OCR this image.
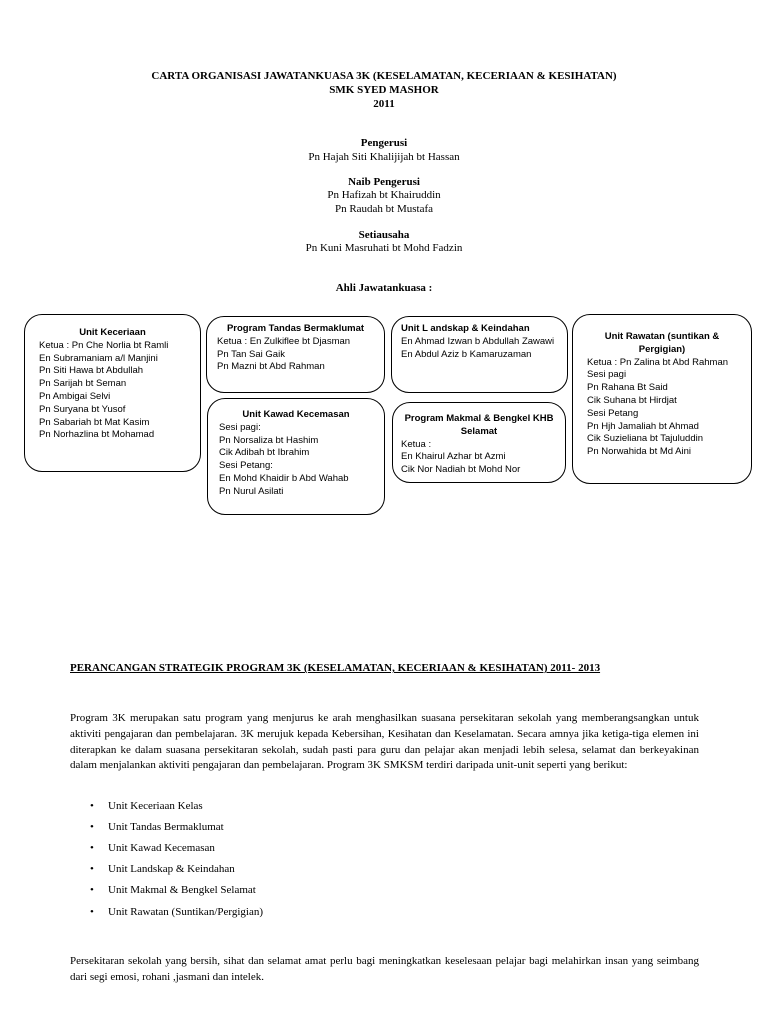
CARTA ORGANISASI JAWATANKUASA 3K (KESELAMATAN, KECERIAAN & KESIHATAN)
SMK SYED MASHOR
2011
Pengerusi
Pn Hajah Siti Khalijijah bt Hassan
Naib Pengerusi
Pn Hafizah bt Khairuddin
Pn Raudah bt Mustafa
Setiausaha
Pn Kuni Masruhati bt Mohd Fadzin
Ahli Jawatankuasa :
Unit Keceriaan
Ketua : Pn Che Norlia bt Ramli
En Subramaniam a/l Manjini
Pn Siti Hawa bt Abdullah
Pn Sarijah bt Seman
Pn Ambigai Selvi
Pn Suryana bt Yusof
Pn Sabariah bt Mat Kasim
Pn Norhazlina bt Mohamad
Program Tandas Bermaklumat
Ketua : En Zulkiflee bt Djasman
Pn Tan Sai Gaik
Pn Mazni bt Abd Rahman
Unit L andskap & Keindahan
En Ahmad Izwan b Abdullah Zawawi
En Abdul Aziz b Kamaruzaman
Unit Rawatan (suntikan &
Pergigian)
Ketua : Pn Zalina bt Abd Rahman
Sesi pagi
Pn Rahana Bt Said
Cik Suhana bt Hirdjat
Sesi Petang
Pn Hjh Jamaliah bt Ahmad
Cik Suzieliana bt Tajuluddin
Pn Norwahida bt Md Aini
Unit Kawad Kecemasan
Sesi pagi:
Pn Norsaliza bt Hashim
Cik Adibah bt Ibrahim
Sesi Petang:
En Mohd Khaidir b Abd Wahab
Pn Nurul Asilati
Program Makmal & Bengkel KHB
Selamat
Ketua :
En Khairul Azhar bt Azmi
Cik Nor Nadiah bt Mohd Nor
PERANCANGAN STRATEGIK PROGRAM 3K (KESELAMATAN, KECERIAAN & KESIHATAN) 2011- 2013
Program 3K merupakan satu program yang menjurus ke arah menghasilkan suasana persekitaran sekolah yang memberangsangkan untuk aktiviti pengajaran dan pembelajaran. 3K merujuk kepada Kebersihan, Kesihatan dan Keselamatan. Secara amnya jika ketiga-tiga elemen ini diterapkan ke dalam suasana persekitaran sekolah, sudah pasti para guru dan pelajar akan menjadi lebih selesa, selamat dan berkeyakinan dalam menjalankan aktiviti pengajaran dan pembelajaran. Program 3K SMKSM terdiri daripada unit-unit seperti yang berikut:
• Unit Keceriaan Kelas
• Unit Tandas Bermaklumat
• Unit Kawad Kecemasan
• Unit Landskap & Keindahan
• Unit Makmal & Bengkel Selamat
• Unit Rawatan (Suntikan/Pergigian)
Persekitaran sekolah yang bersih, sihat dan selamat amat perlu bagi meningkatkan keselesaan pelajar bagi melahirkan insan yang seimbang dari segi emosi, rohani ,jasmani dan intelek.
